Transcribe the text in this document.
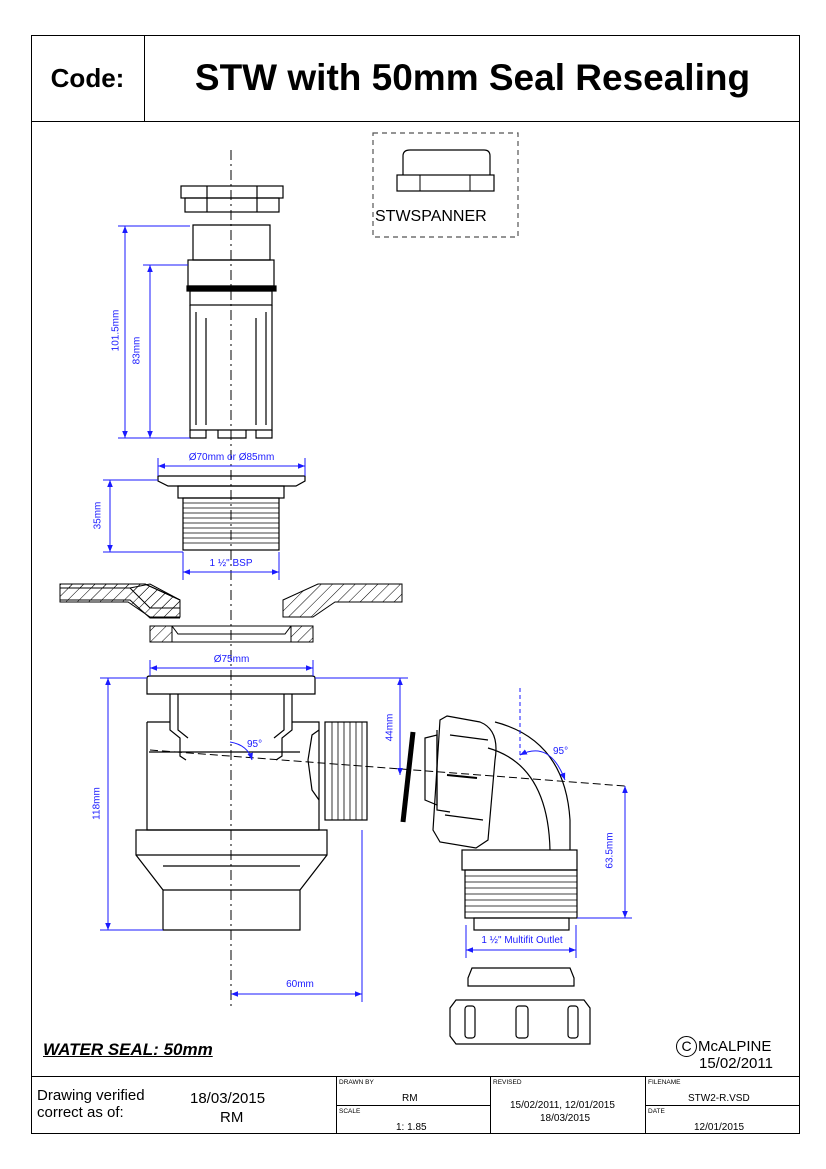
Code:	STW with 50mm Seal Resealing
STWSPANNER
101.5mm 83mm
Ø70mm or Ø85mm
35mm
1 ½" BSP
Ø75mm
44mm
118mm
95°
95°
63.5mm
1 ½" Multifit Outlet
60mm
WATER SEAL: 50mm	C McALPINE
15/02/2011
Drawing verified
correct as of:
18/03/2015
RM
DRAWN BY
RM
SCALE
1: 1.85
REVISED
15/02/2011, 12/01/2015
18/03/2015
FILENAME
STW2-R.VSD
DATE
12/01/2015
